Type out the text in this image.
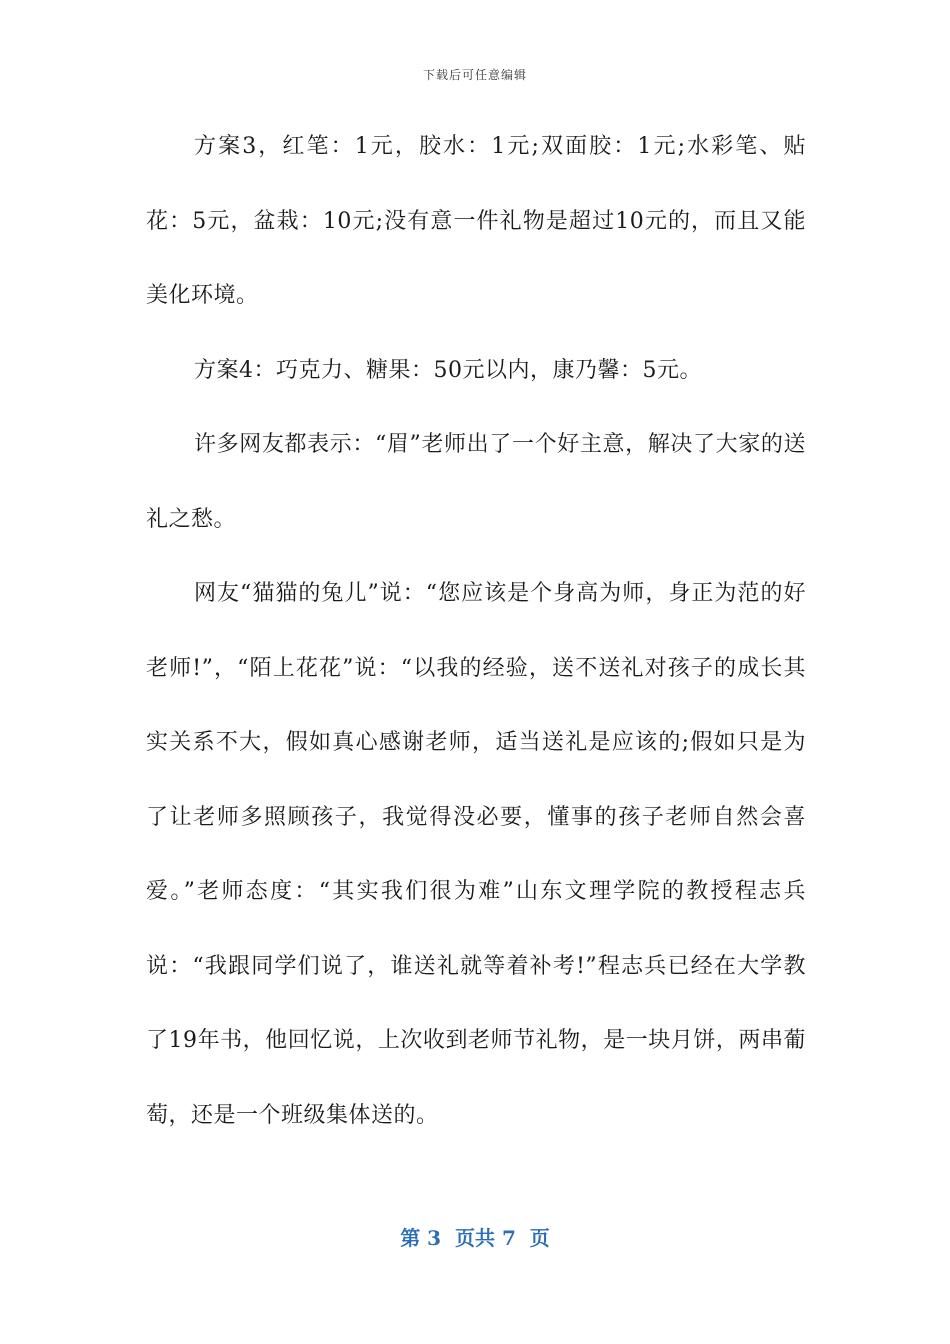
下载后可任意编辑

方案3，红笔：1元，胶水：1元;双面胶：1元;水彩笔、贴花：5元，盆栽：10元;没有意一件礼物是超过10元的，而且又能美化环境。

方案4：巧克力、糖果：50元以内，康乃馨：5元。

许多网友都表示：“眉”老师出了一个好主意，解决了大家的送礼之愁。

网友“猫猫的兔儿”说：“您应该是个身高为师，身正为范的好老师!”，“陌上花花”说：“以我的经验，送不送礼对孩子的成长其实关系不大，假如真心感谢老师，适当送礼是应该的;假如只是为了让老师多照顾孩子，我觉得没必要，懂事的孩子老师自然会喜爱。”老师态度：“其实我们很为难”山东文理学院的教授程志兵说：“我跟同学们说了，谁送礼就等着补考!”程志兵已经在大学教了19年书，他回忆说，上次收到老师节礼物，是一块月饼，两串葡萄，还是一个班级集体送的。

第 3  页共 7  页
